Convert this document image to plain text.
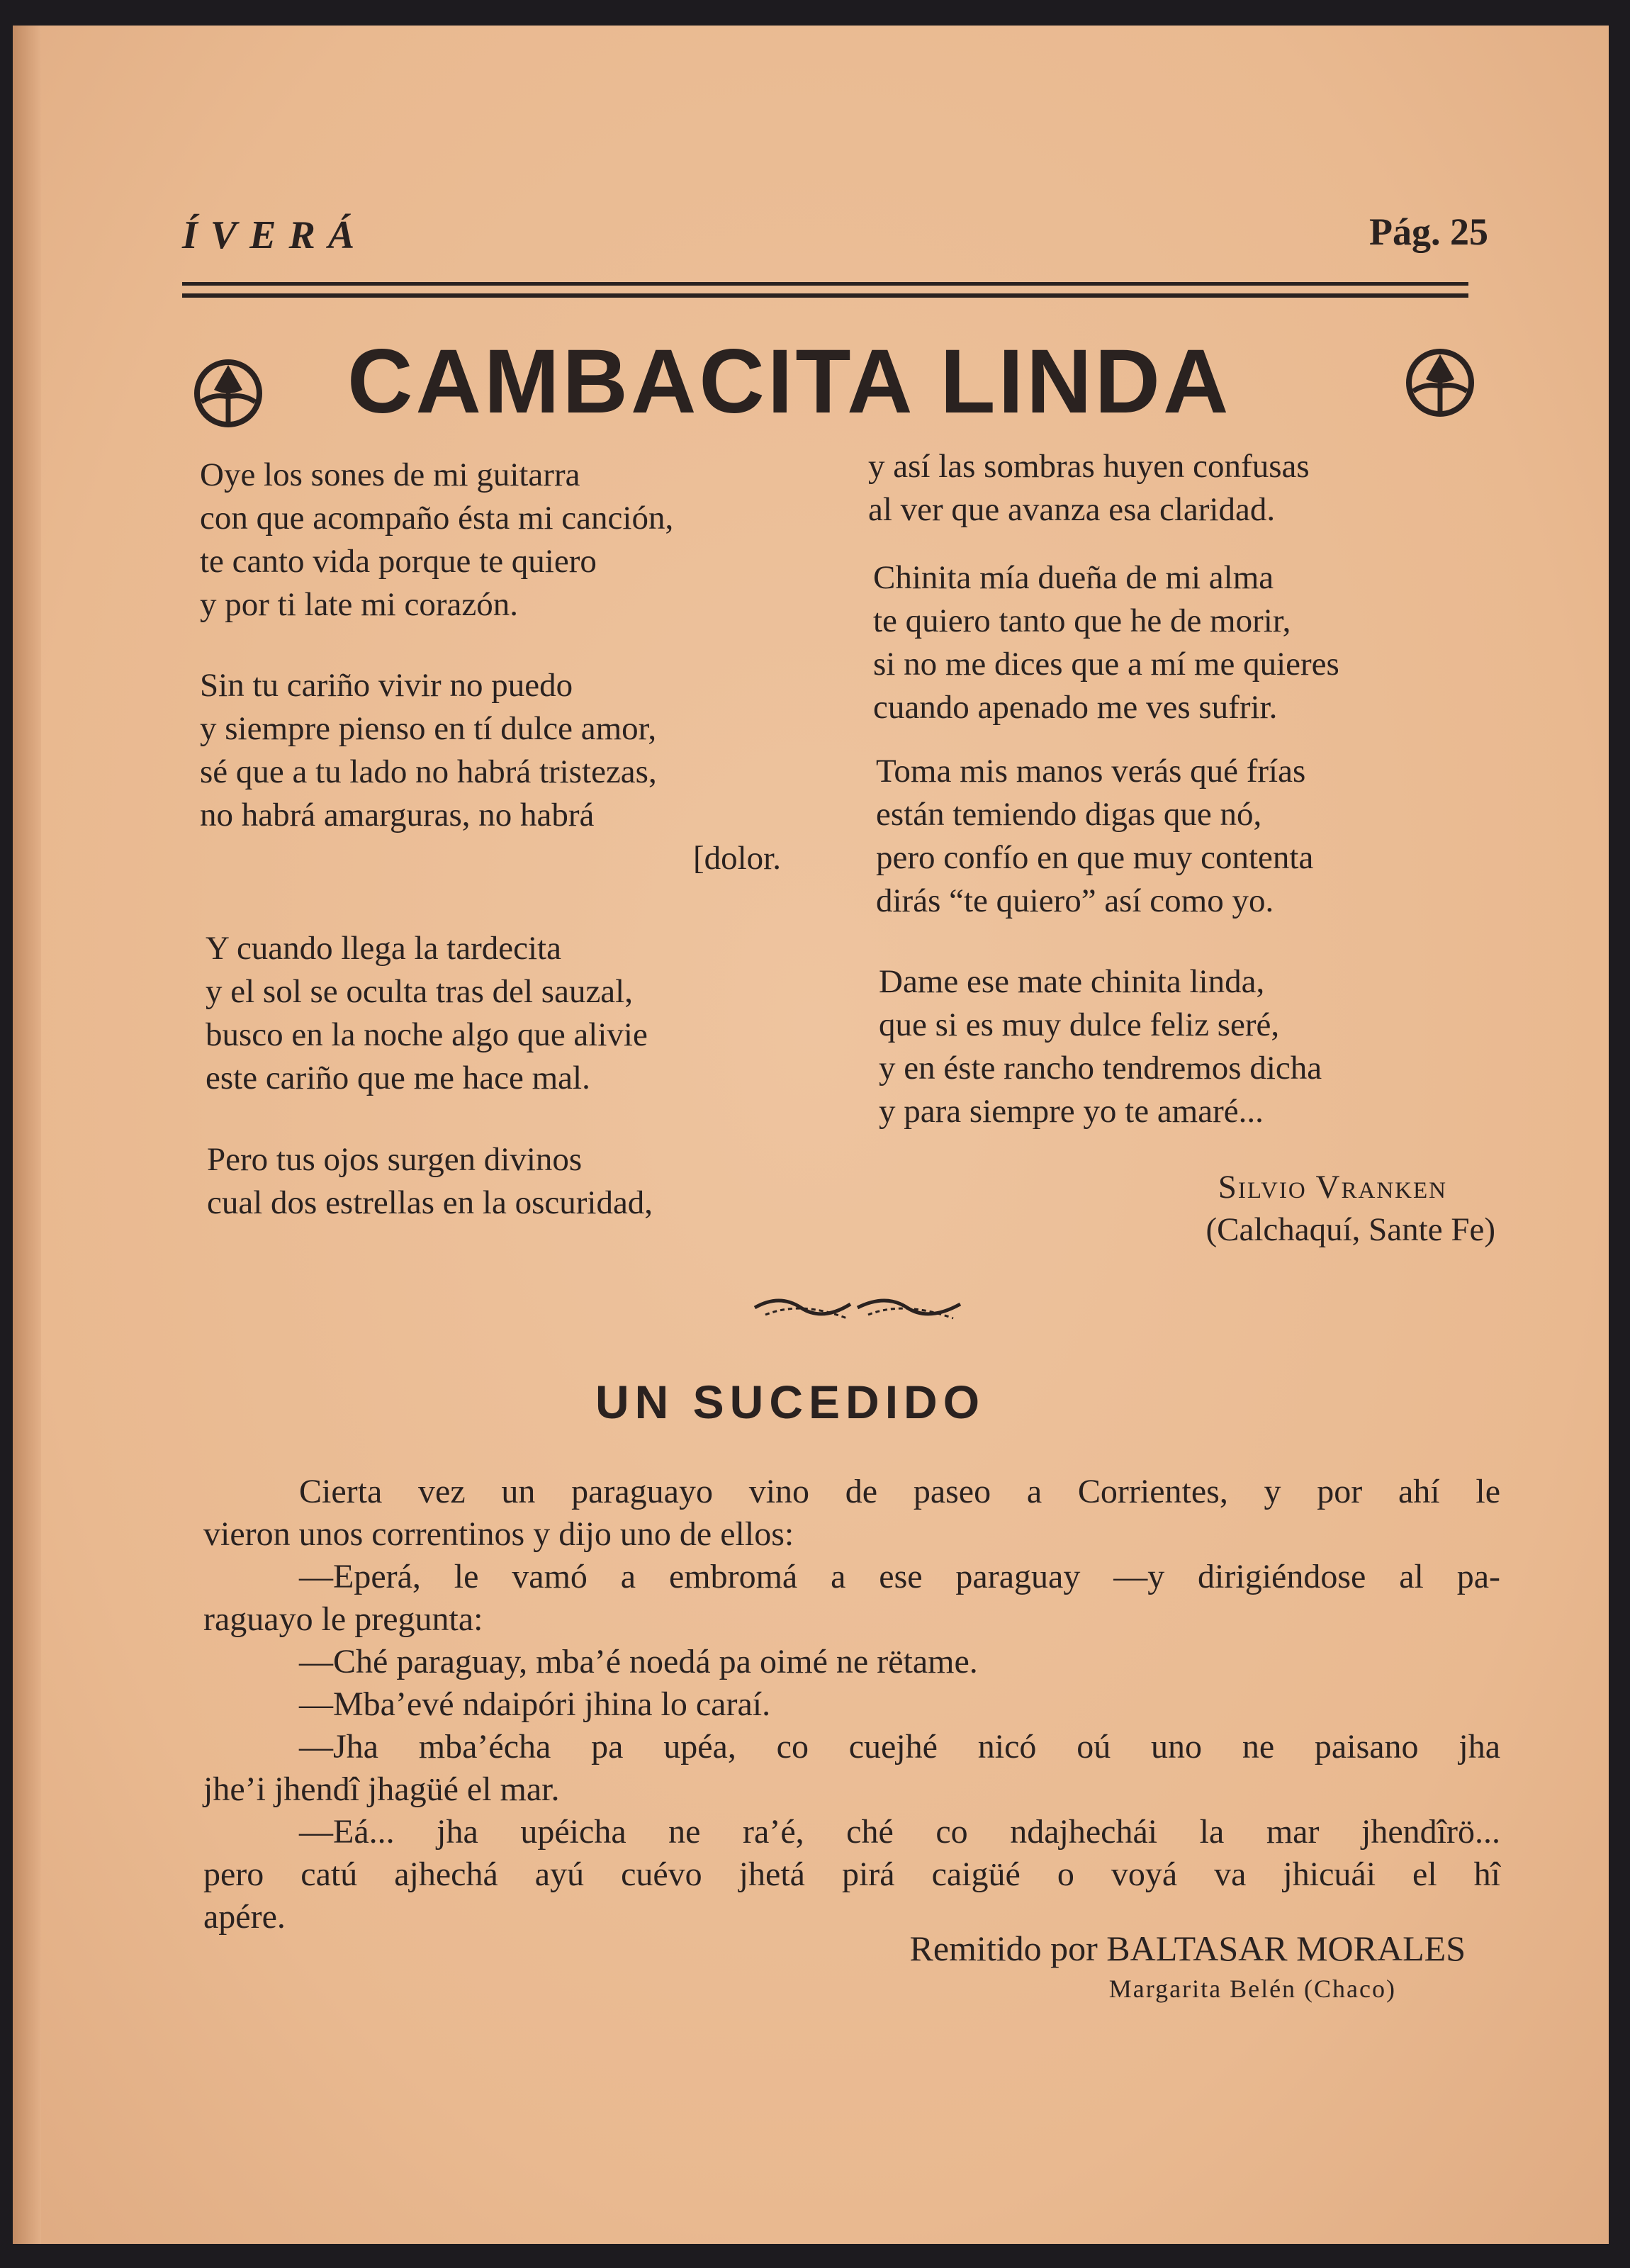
ÍVERÁ	Pág. 25
CAMBACITA LINDA
Oye los sones de mi guitarra
con que acompaño ésta mi canción,
te canto vida porque te quiero
y por ti late mi corazón.
Sin tu cariño vivir no puedo
y siempre pienso en tí dulce amor,
sé que a tu lado no habrá tristezas,
no habrá amarguras, no habrá
[dolor.
Y cuando llega la tardecita
y el sol se oculta tras del sauzal,
busco en la noche algo que alivie
este cariño que me hace mal.
Pero tus ojos surgen divinos
cual dos estrellas en la oscuridad,
y así las sombras huyen confusas
al ver que avanza esa claridad.
Chinita mía dueña de mi alma
te quiero tanto que he de morir,
si no me dices que a mí me quieres
cuando apenado me ves sufrir.
Toma mis manos verás qué frías
están temiendo digas que nó,
pero confío en que muy contenta
dirás “te quiero” así como yo.
Dame ese mate chinita linda,
que si es muy dulce feliz seré,
y en éste rancho tendremos dicha
y para siempre yo te amaré...
Silvio Vranken
(Calchaquí, Sante Fe)
UN SUCEDIDO
Cierta vez un paraguayo vino de paseo a Corrientes, y por ahí le
vieron unos correntinos y dijo uno de ellos:
—Eperá, le vamó a embromá a ese paraguay —y dirigiéndose al pa-
raguayo le pregunta:
—Ché paraguay, mba’é noedá pa oimé ne rëtame.
—Mba’evé ndaipóri jhina lo caraí.
—Jha mba’écha pa upéa, co cuejhé nicó oú uno ne paisano jha
jhe’i jhendî jhagüé el mar.
—Eá... jha upéicha ne ra’é, ché co ndajhechái la mar jhendîrö...
pero catú ajhechá ayú cuévo jhetá pirá caigüé o voyá va jhicuái el hî
apére.
Remitido por BALTASAR MORALES
Margarita Belén (Chaco)
